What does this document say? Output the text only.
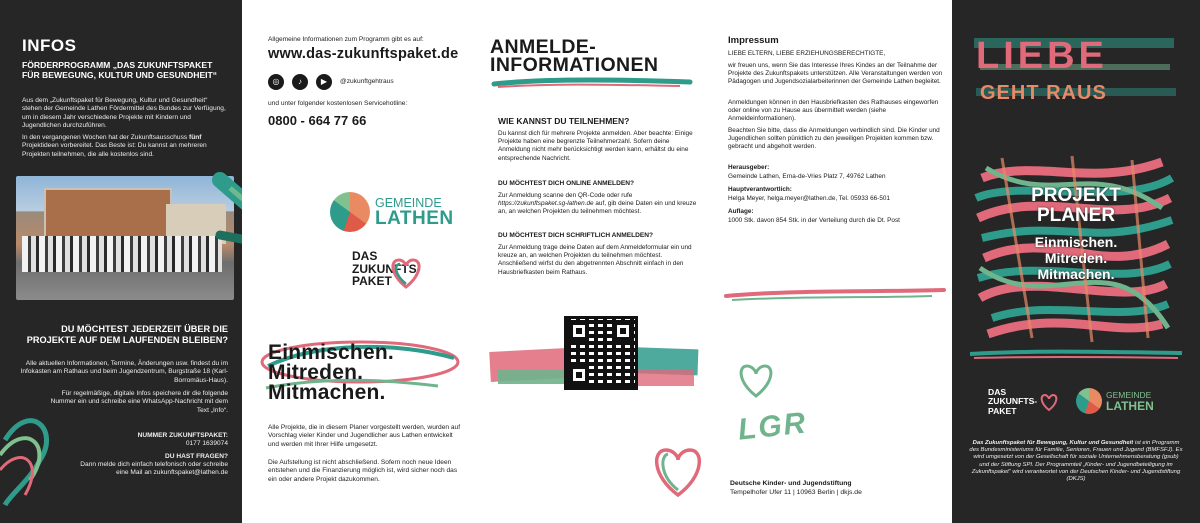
INFOS
FÖRDERPROGRAMM „DAS ZUKUNFTSPAKET FÜR BEWEGUNG, KULTUR UND GESUNDHEIT“

Aus dem „Zukunftspaket für Bewegung, Kultur und Gesundheit“ stehen der Gemeinde Lathen Fördermittel des Bundes zur Verfügung, um in diesem Jahr verschiedene Projekte mit Kindern und Jugendlichen durchzuführen.

In den vergangenen Wochen hat der Zukunftsausschuss fünf Projektideen vorbereitet. Das Beste ist: Du kannst an mehreren Projekten teilnehmen, die alle kostenlos sind.

DU MÖCHTEST JEDERZEIT ÜBER DIE PROJEKTE AUF DEM LAUFENDEN BLEIBEN?

Alle aktuellen Informationen, Termine, Änderungen usw. findest du im Infokasten am Rathaus und beim Jugendzentrum, Burgstraße 18 (Karl-Borromäus-Haus).

Für regelmäßige, digitale Infos speichere dir die folgende Nummer ein und schreibe eine WhatsApp-Nachricht mit dem Text „Info“.

NUMMER ZUKUNFTSPAKET:
0177 1639074
DU HAST FRAGEN?

Dann melde dich einfach telefonisch oder schreibe eine Mail an zukunftspaket@lathen.de

Allgemeine Informationen zum Programm gibt es auf:
www.das-zukunftspaket.de
◎	♪	▶	@zukunftgehtraus
und unter folgender kostenlosen Servicehotline:
0800 - 664 77 66
GEMEINDE
LATHEN
DAS
ZUKUNFTS-
PAKET
Einmischen.
Mitreden.
Mitmachen.

Alle Projekte, die in diesem Planer vorgestellt werden, wurden auf Vorschlag vieler Kinder und Jugendlicher aus Lathen entwickelt und werden mit Ihrer Hilfe umgesetzt.

Die Aufstellung ist nicht abschließend. Sofern noch neue Ideen entstehen und die Finanzierung möglich ist, wird sicher noch das ein oder andere Projekt dazukommen.

ANMELDE-
INFORMATIONEN
WIE KANNST DU TEILNEHMEN?

Du kannst dich für mehrere Projekte anmelden. Aber beachte: Einige Projekte haben eine begrenzte Teilnehmerzahl. Sofern deine Anmeldung nicht mehr berücksichtigt werden kann, erhältst du eine entsprechende Nachricht.

DU MÖCHTEST DICH ONLINE ANMELDEN?

Zur Anmeldung scanne den QR-Code oder rufe https://zukunftspaket.sg-lathen.de auf, gib deine Daten ein und kreuze an, an welchen Projekten du teilnehmen möchtest.

DU MÖCHTEST DICH SCHRIFTLICH ANMELDEN?

Zur Anmeldung trage deine Daten auf dem Anmeldeformular ein und kreuze an, an welchen Projekten du teilnehmen möchtest. Anschließend wirfst du den abgetrennten Abschnitt einfach in den Hausbriefkasten beim Rathaus.

Impressum
LIEBE ELTERN, LIEBE ERZIEHUNGSBERECHTIGTE,

wir freuen uns, wenn Sie das Interesse Ihres Kindes an der Teilnahme der Projekte des Zukunftspakets unterstützen. Alle Veranstaltungen werden von Pädagogen und Jugendsozialarbeiterinnen der Gemeinde Lathen begleitet.

Anmeldungen können in den Hausbriefkasten des Rathauses eingeworfen oder online von zu Hause aus übermittelt werden (siehe Anmeldeinformationen).

Beachten Sie bitte, dass die Anmeldungen verbindlich sind. Die Kinder und Jugendlichen sollten pünktlich zu den jeweiligen Projekten kommen bzw. gebracht und abgeholt werden.

Herausgeber:
Gemeinde Lathen, Erna-de-Vries Platz 7, 49762 Lathen
Hauptverantwortlich:
Helga Meyer, helga.meyer@lathen.de, Tel. 05933 66-501
Auflage:
1000 Stk. davon 854 Stk. in der Verteilung durch die Dt. Post
LGR
Deutsche Kinder- und Jugendstiftung
Tempelhofer Ufer 11 | 10963 Berlin | dkjs.de
LIEBE
GEHT RAUS
PROJEKT
PLANER
Einmischen.
Mitreden.
Mitmachen.
DAS
ZUKUNFTS-
PAKET
GEMEINDE
LATHEN

Das Zukunftspaket für Bewegung, Kultur und Gesundheit ist ein Programm des Bundesministeriums für Familie, Senioren, Frauen und Jugend (BMFSFJ). Es wird umgesetzt von der Gesellschaft für soziale Unternehmensberatung (gsub) und der Stiftung SPI. Der Programmteil „Kinder- und Jugendbeteiligung im Zukunftspaket“ wird verantwortet von der Deutschen Kinder- und Jugendstiftung (DKJS)
